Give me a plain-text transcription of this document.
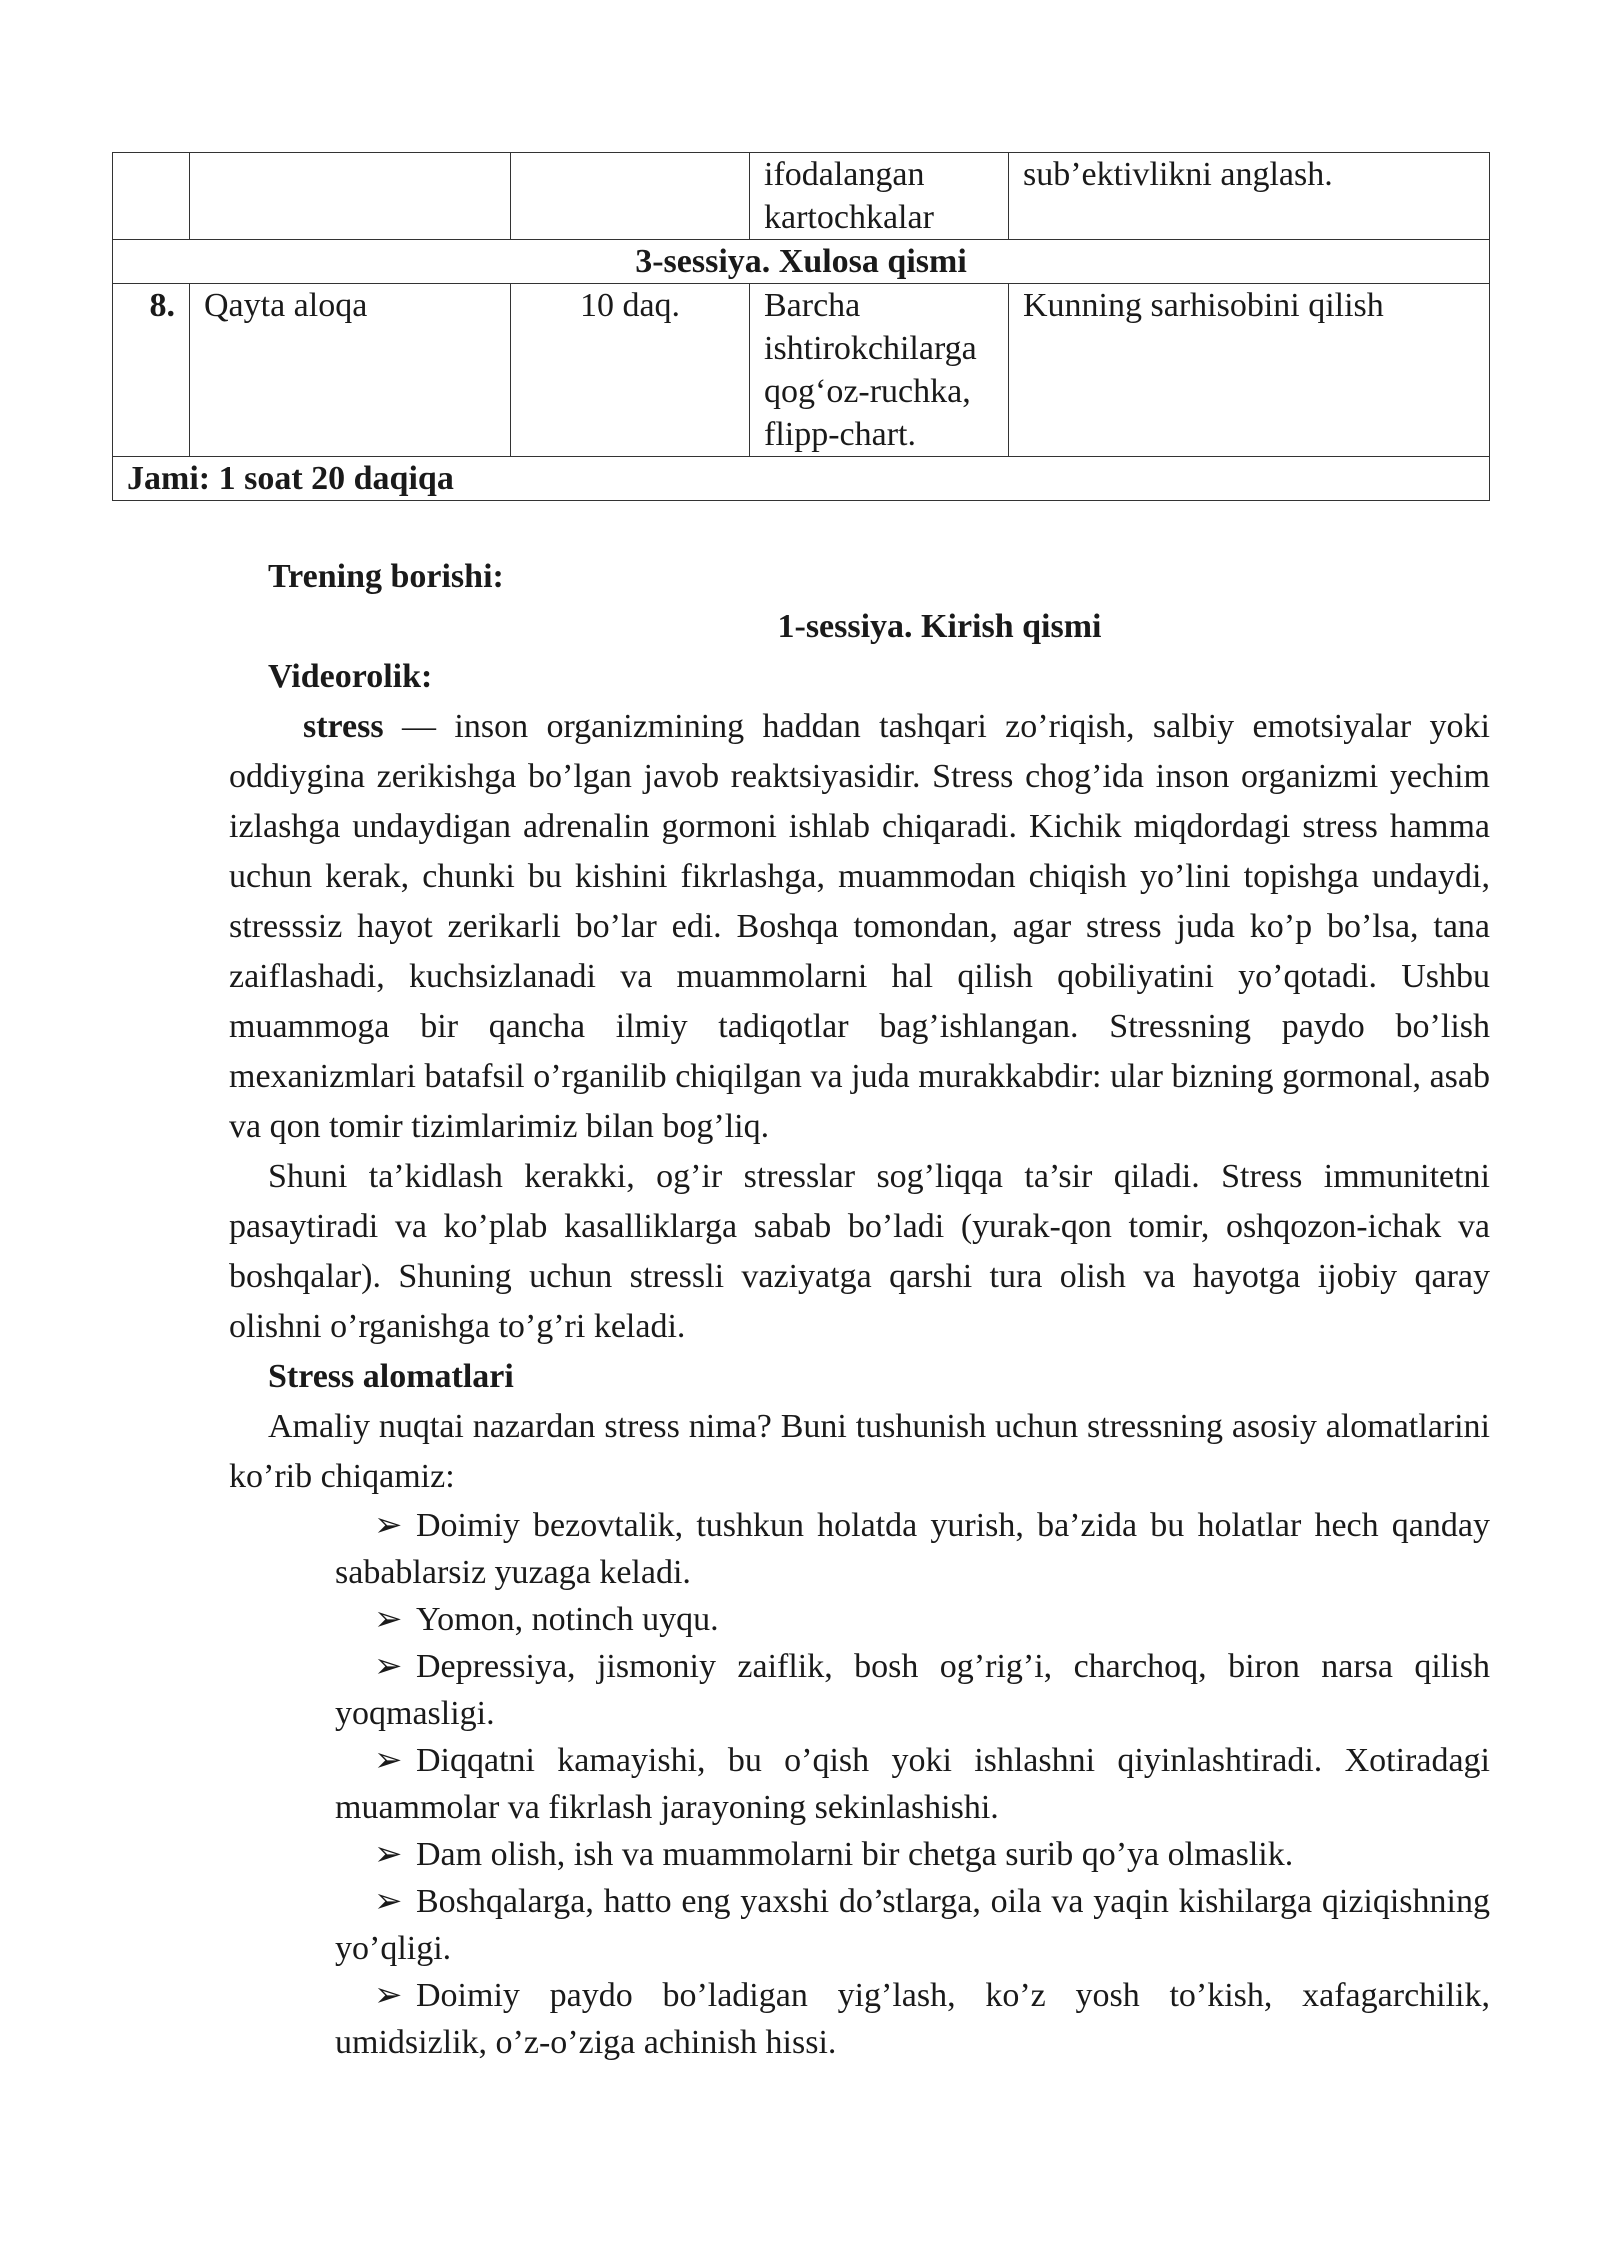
			ifodalangan kartochkalar	sub’ektivlikni anglash.
3-sessiya. Xulosa qismi				
8.	Qayta aloqa	10 daq.	Barcha ishtirokchilarga qog‘oz-ruchka, flipp-chart.	Kunning sarhisobini qilish
Jami: 1 soat 20 daqiqa				

Trening borishi:

1-sessiya. Kirish qismi

Videorolik:

stress — inson organizmining haddan tashqari zo’riqish, salbiy emotsiyalar yoki oddiygina zerikishga bo’lgan javob reaktsiyasidir. Stress chog’ida inson organizmi yechim izlashga undaydigan adrenalin gormoni ishlab chiqaradi. Kichik miqdordagi stress hamma uchun kerak, chunki bu kishini fikrlashga, muammodan chiqish yo’lini topishga undaydi, stresssiz hayot zerikarli bo’lar edi. Boshqa tomondan, agar stress juda ko’p bo’lsa, tana zaiflashadi, kuchsizlanadi va muammolarni hal qilish qobiliyatini yo’qotadi. Ushbu muammoga bir qancha ilmiy tadiqotlar bag’ishlangan. Stressning paydo bo’lish mexanizmlari batafsil o’rganilib chiqilgan va juda murakkabdir: ular bizning gormonal, asab va qon tomir tizimlarimiz bilan bog’liq.

Shuni ta’kidlash kerakki, og’ir stresslar sog’liqqa ta’sir qiladi. Stress immunitetni pasaytiradi va ko’plab kasalliklarga sabab bo’ladi (yurak-qon tomir, oshqozon-ichak va boshqalar). Shuning uchun stressli vaziyatga qarshi tura olish va hayotga ijobiy qaray olishni o’rganishga to’g’ri keladi.

Stress alomatlari

Amaliy nuqtai nazardan stress nima? Buni tushunish uchun stressning asosiy alomatlarini ko’rib chiqamiz:

➢ Doimiy bezovtalik, tushkun holatda yurish, ba’zida bu holatlar hech qanday sabablarsiz yuzaga keladi.
➢ Yomon, notinch uyqu.
➢ Depressiya, jismoniy zaiflik, bosh og’rig’i, charchoq, biron narsa qilish yoqmasligi.
➢ Diqqatni kamayishi, bu o’qish yoki ishlashni qiyinlashtiradi. Xotiradagi muammolar va fikrlash jarayoning sekinlashishi.
➢ Dam olish, ish va muammolarni bir chetga surib qo’ya olmaslik.
➢ Boshqalarga, hatto eng yaxshi do’stlarga, oila va yaqin kishilarga qiziqishning yo’qligi.
➢ Doimiy paydo bo’ladigan yig’lash, ko’z yosh to’kish, xafagarchilik, umidsizlik, o’z-o’ziga achinish hissi.
